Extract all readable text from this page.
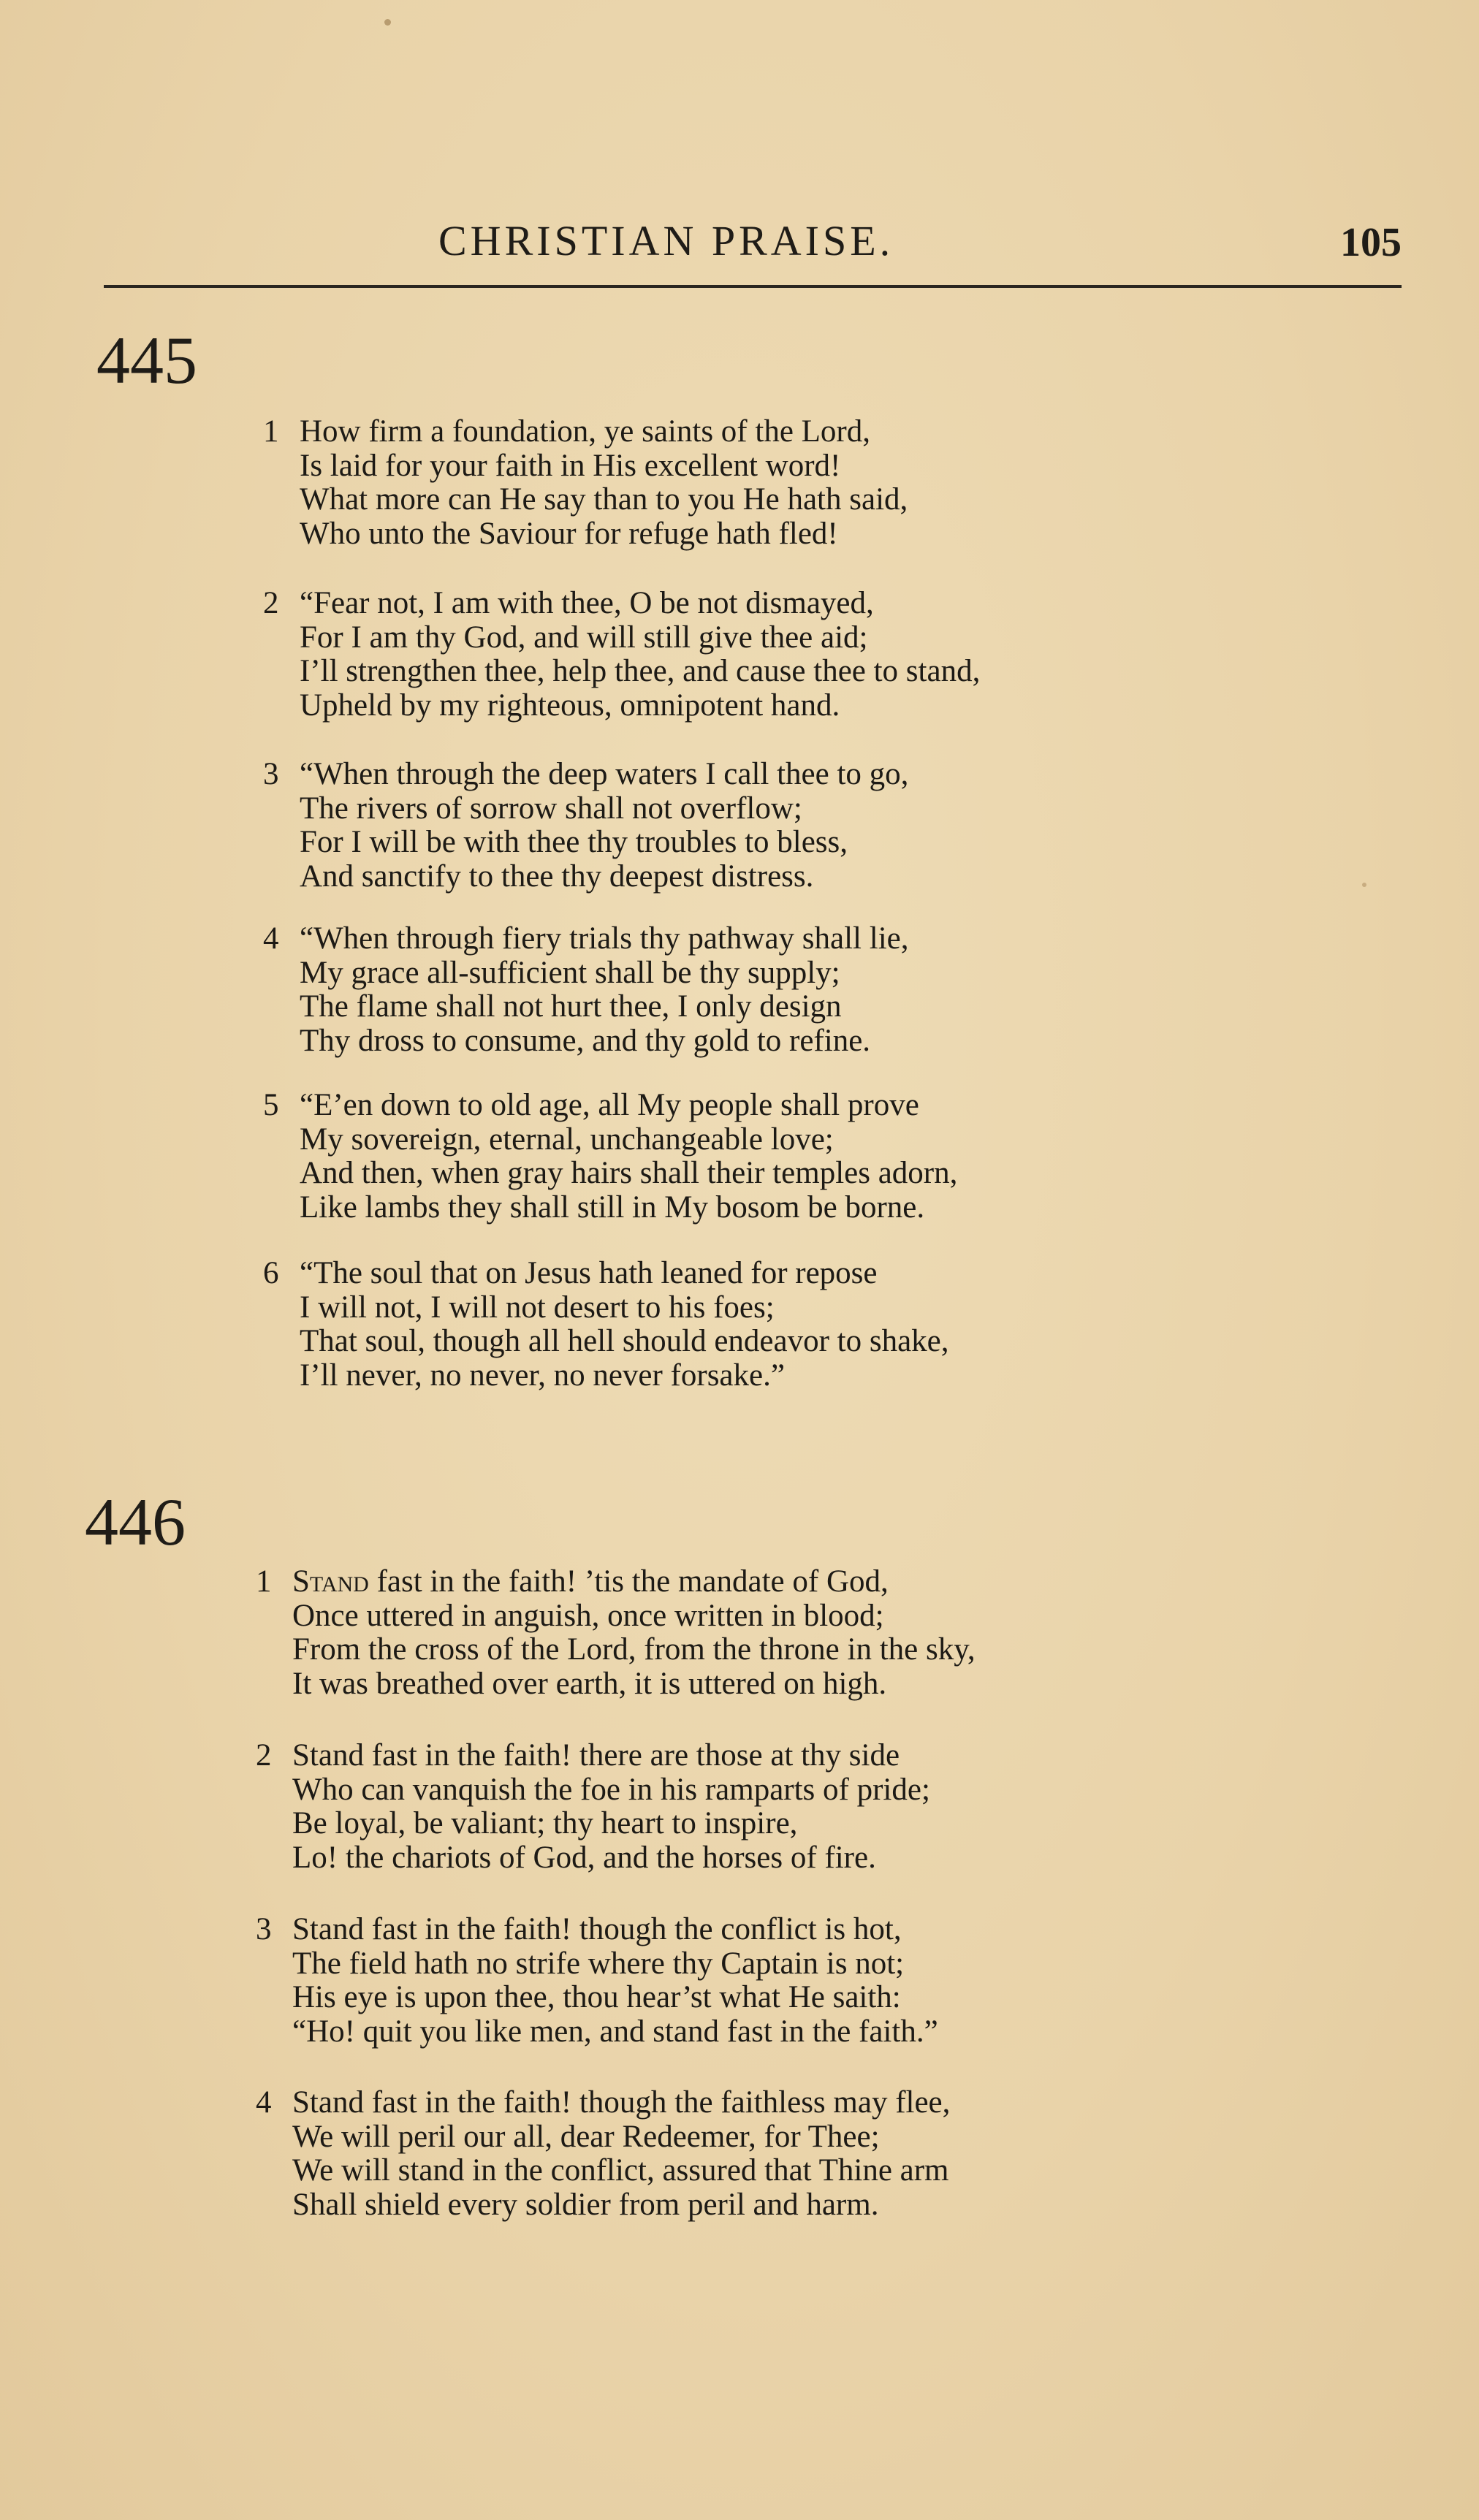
CHRISTIAN PRAISE.	105
445
1 How firm a foundation, ye saints of the Lord,
Is laid for your faith in His excellent word!
What more can He say than to you He hath said,
Who unto the Saviour for refuge hath fled!
2 “Fear not, I am with thee, O be not dismayed,
For I am thy God, and will still give thee aid;
I’ll strengthen thee, help thee, and cause thee to stand,
Upheld by my righteous, omnipotent hand.
3 “When through the deep waters I call thee to go,
The rivers of sorrow shall not overflow;
For I will be with thee thy troubles to bless,
And sanctify to thee thy deepest distress.
4 “When through fiery trials thy pathway shall lie,
My grace all-sufficient shall be thy supply;
The flame shall not hurt thee, I only design
Thy dross to consume, and thy gold to refine.
5 “E’en down to old age, all My people shall prove
My sovereign, eternal, unchangeable love;
And then, when gray hairs shall their temples adorn,
Like lambs they shall still in My bosom be borne.
6 “The soul that on Jesus hath leaned for repose
I will not, I will not desert to his foes;
That soul, though all hell should endeavor to shake,
I’ll never, no never, no never forsake.”
446
1 Stand fast in the faith! ’tis the mandate of God,
Once uttered in anguish, once written in blood;
From the cross of the Lord, from the throne in the sky,
It was breathed over earth, it is uttered on high.
2 Stand fast in the faith! there are those at thy side
Who can vanquish the foe in his ramparts of pride;
Be loyal, be valiant; thy heart to inspire,
Lo! the chariots of God, and the horses of fire.
3 Stand fast in the faith! though the conflict is hot,
The field hath no strife where thy Captain is not;
His eye is upon thee, thou hear’st what He saith:
“Ho! quit you like men, and stand fast in the faith.”
4 Stand fast in the faith! though the faithless may flee,
We will peril our all, dear Redeemer, for Thee;
We will stand in the conflict, assured that Thine arm
Shall shield every soldier from peril and harm.
